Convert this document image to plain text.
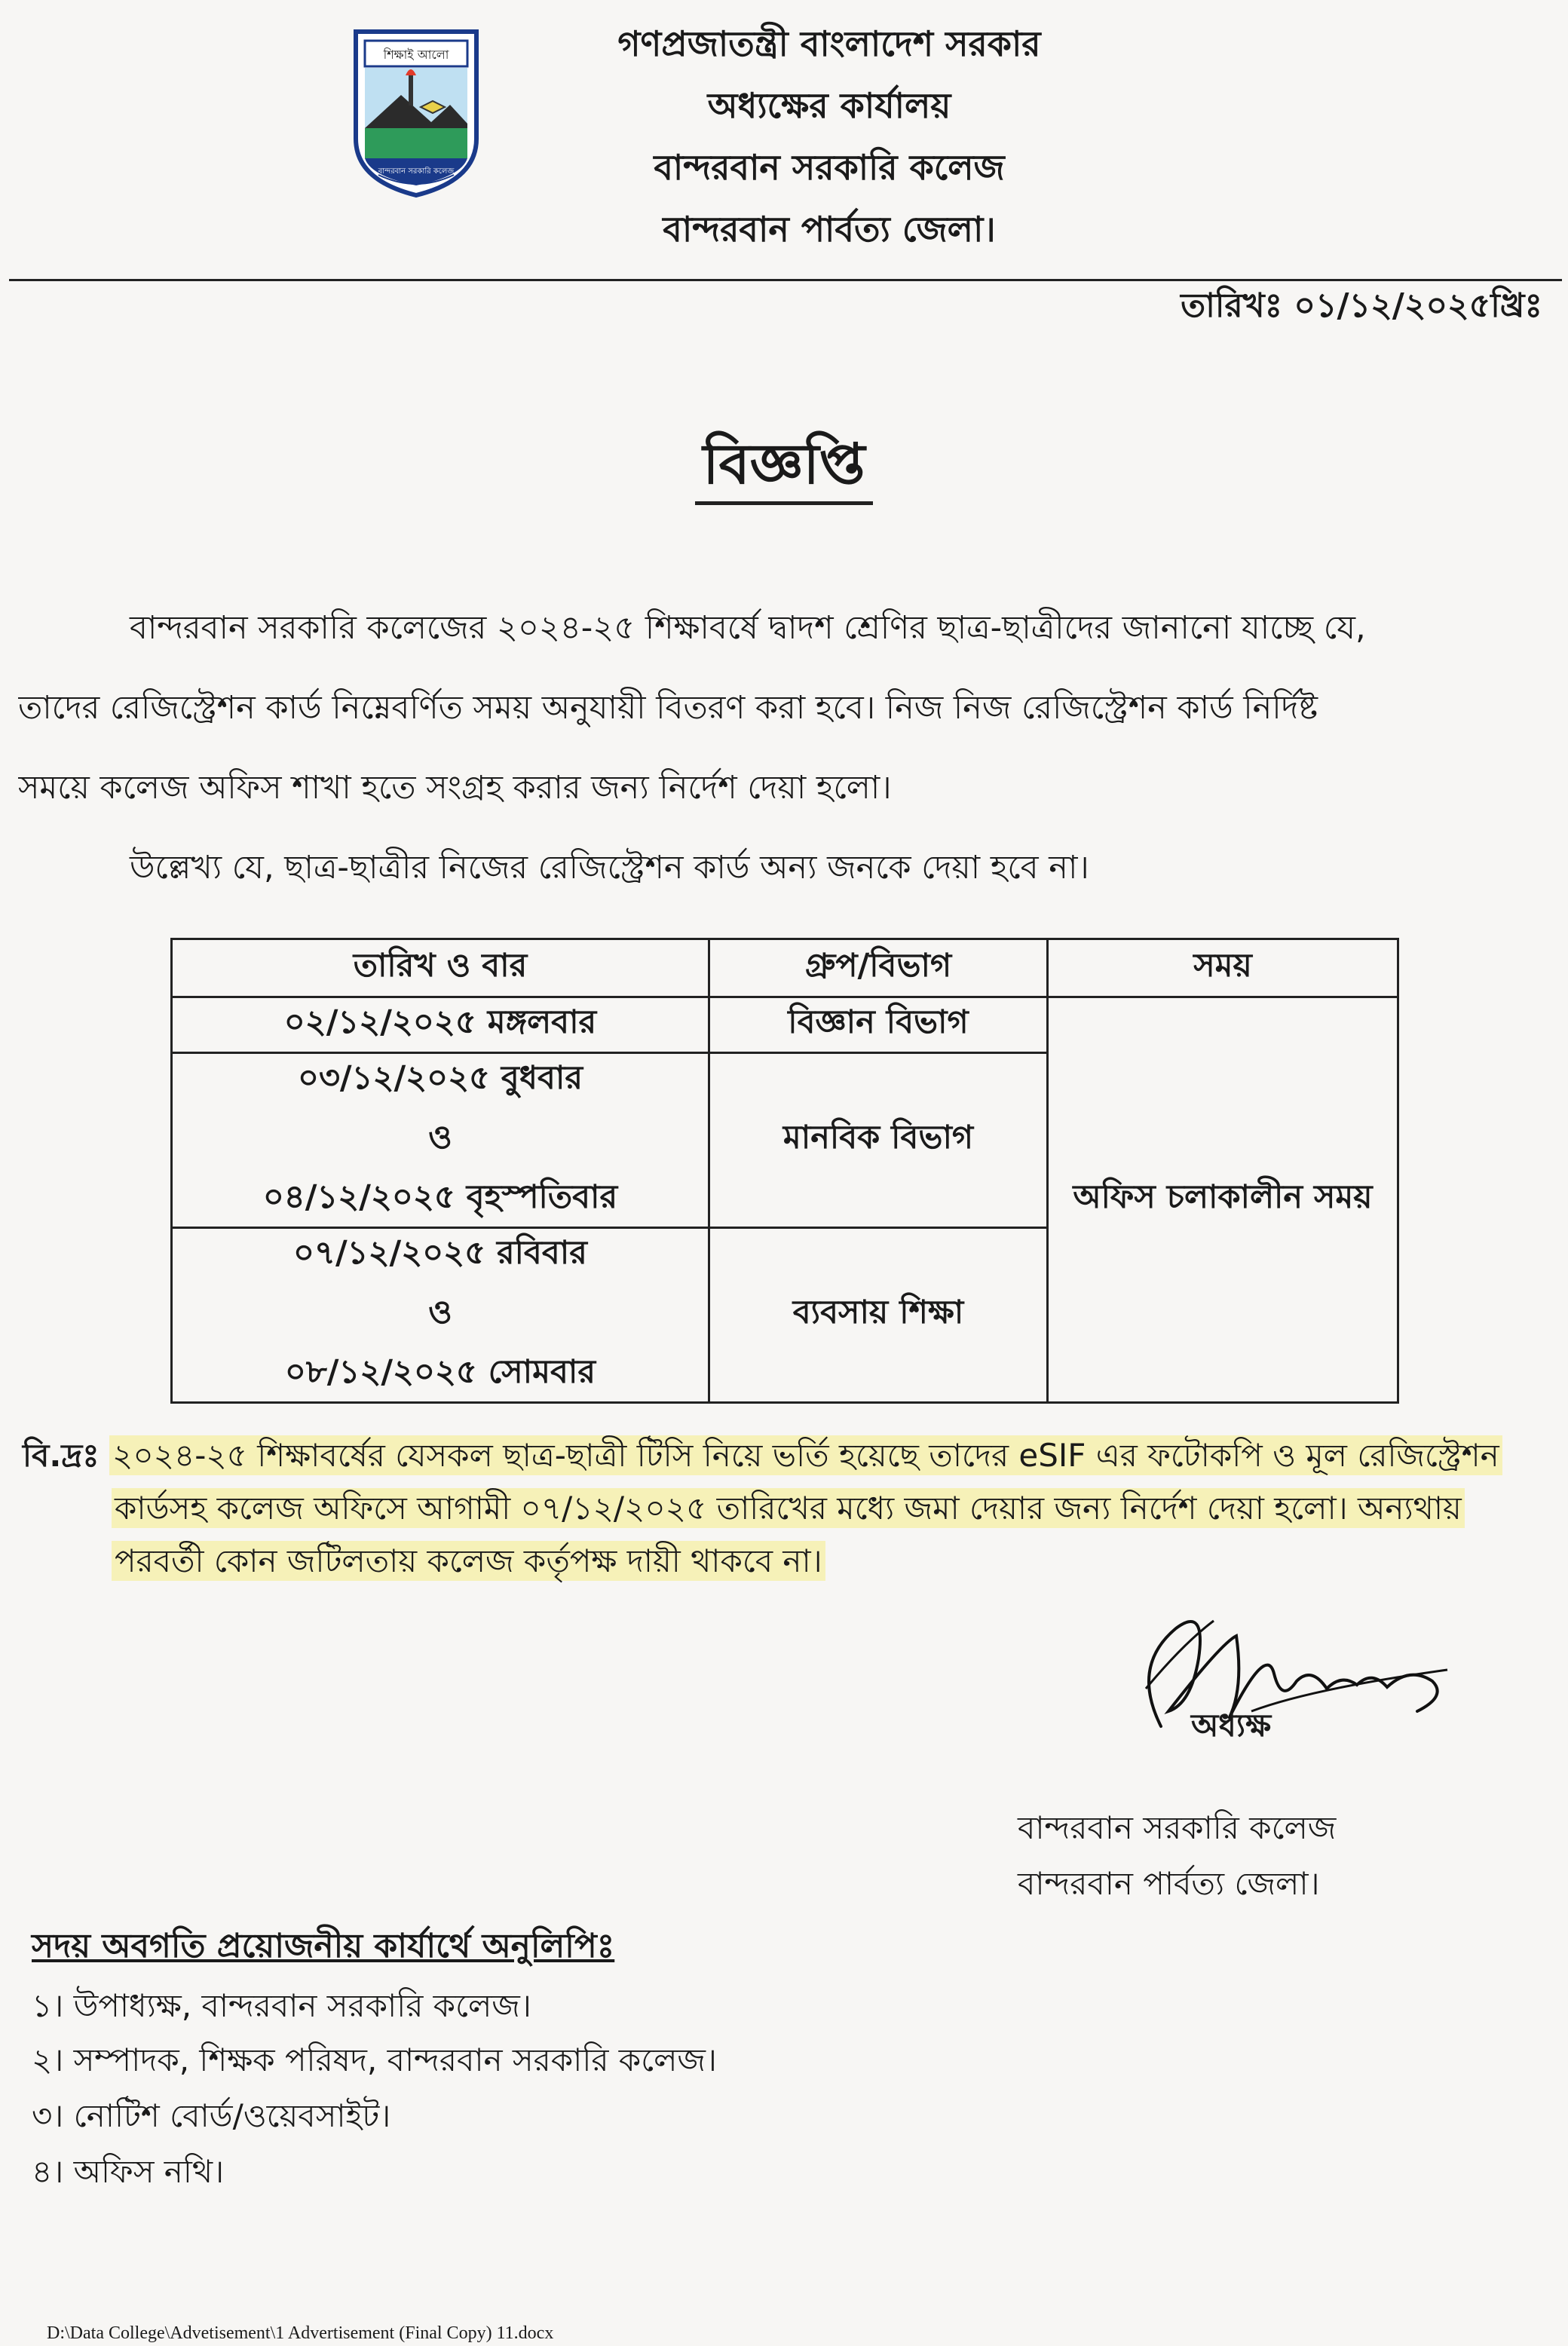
শিক্ষাই আলো
বান্দরবান সরকারি কলেজ
গণপ্রজাতন্ত্রী বাংলাদেশ সরকার
অধ্যক্ষের কার্যালয়
বান্দরবান সরকারি কলেজ
বান্দরবান পার্বত্য জেলা।
তারিখঃ ০১/১২/২০২৫খ্রিঃ
বিজ্ঞপ্তি
বান্দরবান সরকারি কলেজের ২০২৪-২৫ শিক্ষাবর্ষে দ্বাদশ শ্রেণির ছাত্র-ছাত্রীদের জানানো যাচ্ছে যে,
তাদের রেজিস্ট্রেশন কার্ড নিম্নেবর্ণিত সময় অনুযায়ী বিতরণ করা হবে। নিজ নিজ রেজিস্ট্রেশন কার্ড নির্দিষ্ট
সময়ে কলেজ অফিস শাখা হতে সংগ্রহ করার জন্য নির্দেশ দেয়া হলো।
উল্লেখ্য যে, ছাত্র-ছাত্রীর নিজের রেজিস্ট্রেশন কার্ড অন্য জনকে দেয়া হবে না।
তারিখ ও বার	গ্রুপ/বিভাগ	সময়
০২/১২/২০২৫ মঙ্গলবার	বিজ্ঞান বিভাগ	অফিস চলাকালীন সময়
০৩/১২/২০২৫ বুধবার
ও
০৪/১২/২০২৫ বৃহস্পতিবার	মানবিক বিভাগ	
০৭/১২/২০২৫ রবিবার
ও
০৮/১২/২০২৫ সোমবার	ব্যবসায় শিক্ষা	
বি.দ্রঃ ২০২৪-২৫ শিক্ষাবর্ষের যেসকল ছাত্র-ছাত্রী টিসি নিয়ে ভর্তি হয়েছে তাদের eSIF এর ফটোকপি ও মূল রেজিস্ট্রেশন
কার্ডসহ কলেজ অফিসে আগামী ০৭/১২/২০২৫ তারিখের মধ্যে জমা দেয়ার জন্য নির্দেশ দেয়া হলো। অন্যথায়
পরবর্তী কোন জটিলতায় কলেজ কর্তৃপক্ষ দায়ী থাকবে না।
অধ্যক্ষ
বান্দরবান সরকারি কলেজ
বান্দরবান পার্বত্য জেলা।
সদয় অবগতি প্রয়োজনীয় কার্যার্থে অনুলিপিঃ
১। উপাধ্যক্ষ, বান্দরবান সরকারি কলেজ।
২। সম্পাদক, শিক্ষক পরিষদ, বান্দরবান সরকারি কলেজ।
৩। নোটিশ বোর্ড/ওয়েবসাইট।
৪। অফিস নথি।
D:\Data College\Advetisement\1 Advertisement (Final Copy) 11.docx
